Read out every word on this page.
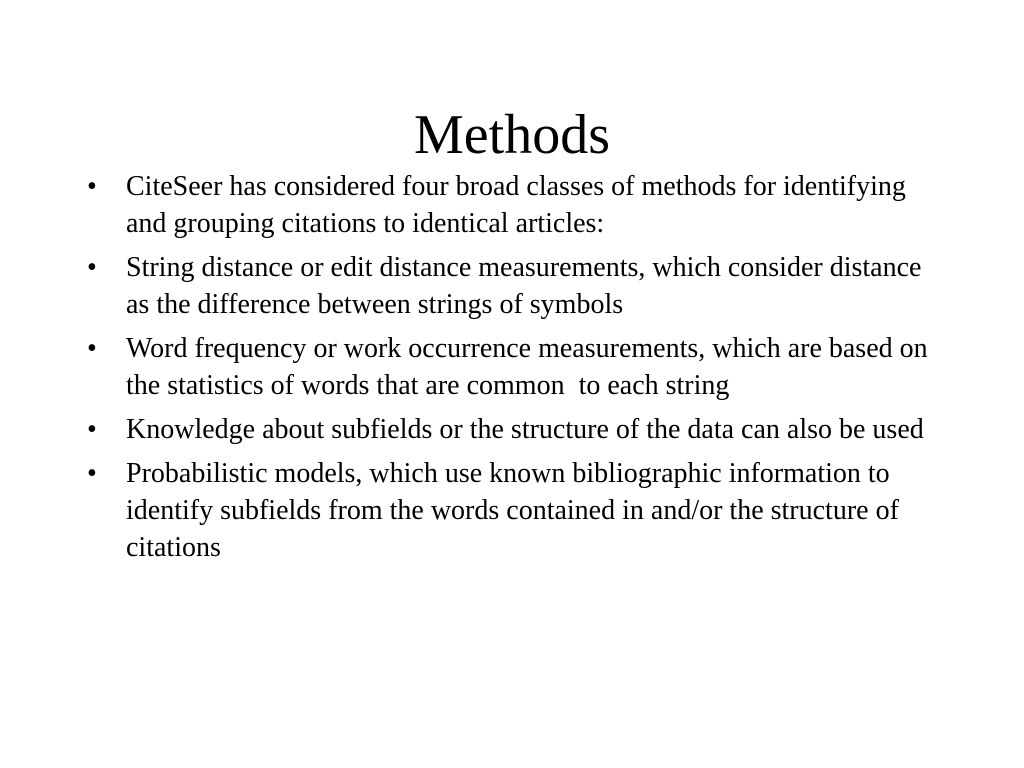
Methods
•	CiteSeer has considered four broad classes of methods for identifying and grouping citations to identical articles:
•	String distance or edit distance measurements, which consider distance as the difference between strings of symbols
•	Word frequency or work occurrence measurements, which are based on the statistics of words that are common  to each string
•	Knowledge about subfields or the structure of the data can also be used
•	Probabilistic models, which use known bibliographic information to identify subfields from the words contained in and/or the structure of citations
